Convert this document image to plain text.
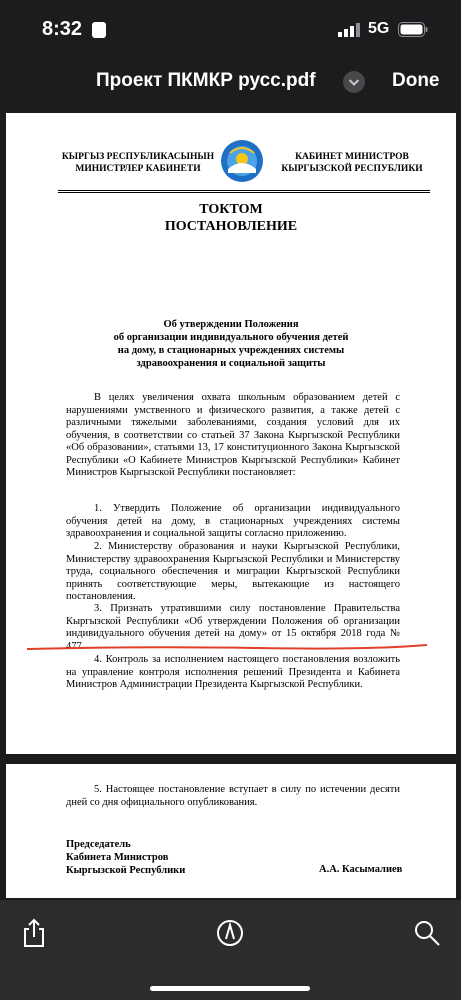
8:32	5G
Проект ПКМКР русс.pdf	Done
КЫРГЫЗ РЕСПУБЛИКАСЫНЫН
МИНИСТРЛЕР КАБИНЕТИ
КАБИНЕТ МИНИСТРОВ
КЫРГЫЗСКОЙ РЕСПУБЛИКИ
ТОКТОМ
ПОСТАНОВЛЕНИЕ
Об утверждении Положения
об организации индивидуального обучения детей
на дому, в стационарных учреждениях системы
здравоохранения и социальной защиты

В целях увеличения охвата школьным образованием детей с нарушениями умственного и физического развития, а также детей с различными тяжелыми заболеваниями, создания условий для их обучения, в соответствии со статьей 37 Закона Кыргызской Республики «Об образовании», статьями 13, 17 конституционного Закона Кыргызской Республики «О Кабинете Министров Кыргызской Республики» Кабинет Министров Кыргызской Республики постановляет:

1. Утвердить Положение об организации индивидуального обучения детей на дому, в стационарных учреждениях системы здравоохранения и социальной защиты согласно приложению.

2. Министерству образования и науки Кыргызской Республики, Министерству здравоохранения Кыргызской Республики и Министерству труда, социального обеспечения и миграции Кыргызской Республики принять соответствующие меры, вытекающие из настоящего постановления.

3. Признать утратившими силу постановление Правительства Кыргызской Республики «Об утверждении Положения об организации индивидуального обучения детей на дому» от 15 октября 2018 года № 477.

4. Контроль за исполнением настоящего постановления возложить на управление контроля исполнения решений Президента и Кабинета Министров Администрации Президента Кыргызской Республики.

5. Настоящее постановление вступает в силу по истечении десяти дней со дня официального опубликования.

Председатель
Кабинета Министров
Кыргызской Республики	А.А. Касымалиев
